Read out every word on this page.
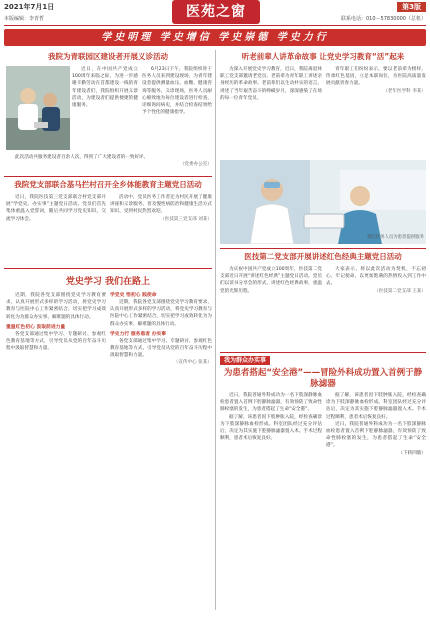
2021年7月1日	第3版
医苑之窗
本版编辑：李青哲	联系电话：010－57830000（总机）
学史明理 学史增信 学史崇德 学史力行
我院为青联园区建设者开展义诊活动

近日，在中国共产党成立100周年来临之际，为进一步感谢辛勤劳动在首都建设一线的青年建设者们，我院组织开展义诊活动，为建设者们提供便捷的健康服务。

6月23日下午，我院组织骨干医务人员来到建设现场，为青年建设者提供测量血压、血糖、健康咨询等服务。义诊现场，医务人员耐心细致地为每位建设者进行检查，详细询问病史，并结合检查结果给予个性化的健康指导。

此次活动共服务建设者百余人次，得到了广大建设者的一致好评。

（党委办公室）
我院党支部联合基马拦村召开全乡体能教育主题党日活动

近日，我院医技第三党支部联合村党支部开展“学党史、办实事”主题党日活动。党员们首先集体重温入党誓词，随后共同学习党史知识，交流学习体会。

活动中，党员医务工作者还为村民开展了健康讲座和义诊服务，普及慢性病防治和健康生活方式知识，受到村民热烈欢迎。

（医技第三党支部 刘某）
党史学习 我们在路上

近期，我院各党支部围绕党史学习教育要求，认真开展形式多样的学习活动，将党史学习教育与医院中心工作紧密结合，切实把学习成效转化为为群众办实事、解难题的具体行动。

重温红色初心 汲取前进力量

各党支部通过集中学习、专题研讨、参观红色教育基地等方式，引导党员从党的百年奋斗历程中汲取智慧和力量。

学党史 悟初心 践使命

近期，我院各党支部围绕党史学习教育要求，认真开展形式多样的学习活动，将党史学习教育与医院中心工作紧密结合，切实把学习成效转化为为群众办实事、解难题的具体行动。

学史力行 服务患者 办实事

各党支部通过集中学习、专题研讨、参观红色教育基地等方式，引导党员从党的百年奋斗历程中汲取智慧和力量。

（宣传中心 张某）
听老前辈人讲革命故事 让党史学习教育“活”起来

为深入开展党史学习教育，近日，我院离退休职工党支部邀请老党员、老前辈为青年职工讲述亲身经历的革命故事。老前辈们以生动朴实的语言，讲述了当年艰苦奋斗的峥嵘岁月，深深感染了在场的每一位青年党员。

青年职工们纷纷表示，要以老前辈为榜样，传承红色基因，立足本职岗位，为医院高质量发展贡献青春力量。

（老年医学科 李某）
我院医务人员为患者提供服务
医技第二党支部开展讲述红色经典主题党日活动

为庆祝中国共产党成立100周年，医技第二党支部近日开展“讲述红色经典”主题党日活动。党员们以读书分享会的形式，讲述红色经典故事，重温党的光辉历程。

大家表示，将以此次活动为契机，不忘初心、牢记使命，以更加饱满的热情投入到工作中去。

（医技第二党支部 王某）
我为群众办实事
为患者搭起“安全港”——冒险外科成功置入首例于静脉滤器

近日，我院普通外科成功为一名下肢深静脉血栓患者置入首例下腔静脉滤器，有效预防了致命性肺栓塞的发生，为患者搭起了生命“安全港”。

据了解，该患者因下肢肿胀入院，经检查确诊为下肢深静脉血栓形成。科室团队经过充分评估后，决定为其实施下腔静脉滤器置入术。手术过程顺利，患者术后恢复良好。

据了解，该患者因下肢肿胀入院，经检查确诊为下肢深静脉血栓形成。科室团队经过充分评估后，决定为其实施下腔静脉滤器置入术。手术过程顺利，患者术后恢复良好。

近日，我院普通外科成功为一名下肢深静脉血栓患者置入首例下腔静脉滤器，有效预防了致命性肺栓塞的发生，为患者搭起了生命“安全港”。

（下转四版）
